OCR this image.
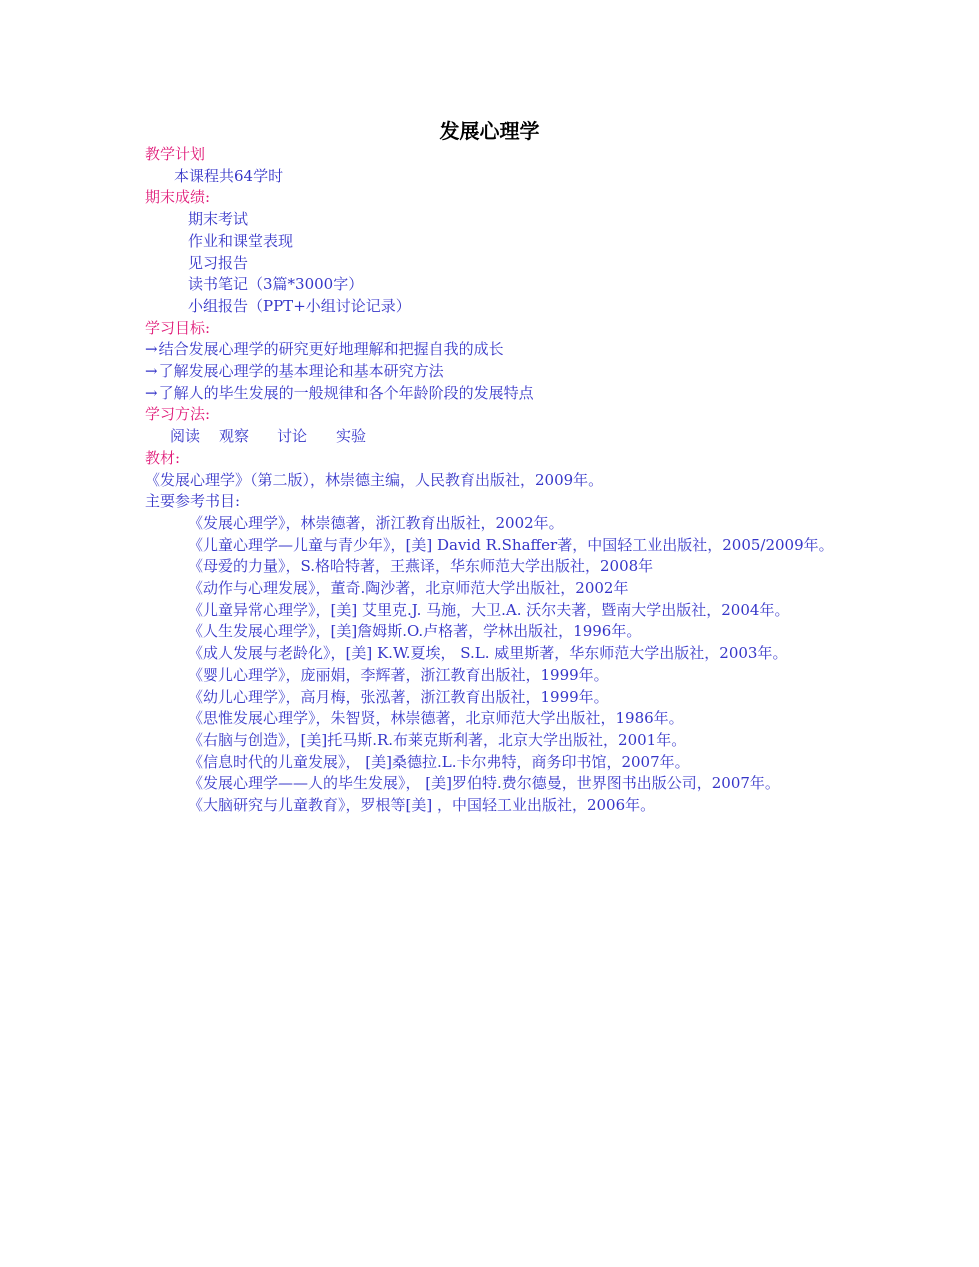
发展心理学
教学计划
本课程共64学时
期末成绩:
期末考试
作业和课堂表现
见习报告
读书笔记（3篇*3000字）
小组报告（PPT+小组讨论记录）
学习目标:
→结合发展心理学的研究更好地理解和把握自我的成长
→了解发展心理学的基本理论和基本研究方法
→了解人的毕生发展的一般规律和各个年龄阶段的发展特点
学习方法:
阅读 观察 讨论 实验
教材:
《发展心理学》（第二版），林崇德主编，人民教育出版社，2009年。
主要参考书目:
《发展心理学》，林崇德著，浙江教育出版社，2002年。
《儿童心理学—儿童与青少年》，[美] David R.Shaffer著，中国轻工业出版社，2005/2009年。
《母爱的力量》，S.格哈特著，王燕译，华东师范大学出版社，2008年
《动作与心理发展》，董奇.陶沙著，北京师范大学出版社，2002年
《儿童异常心理学》，[美] 艾里克.J. 马施，大卫.A. 沃尔夫著，暨南大学出版社，2004年。
《人生发展心理学》，[美]詹姆斯.O.卢格著，学林出版社，1996年。
《成人发展与老龄化》，[美] K.W.夏埃， S.L. 威里斯著，华东师范大学出版社，2003年。
《婴儿心理学》，庞丽娟，李辉著，浙江教育出版社，1999年。
《幼儿心理学》，高月梅，张泓著，浙江教育出版社，1999年。
《思惟发展心理学》，朱智贤，林崇德著，北京师范大学出版社，1986年。
《右脑与创造》，[美]托马斯.R.布莱克斯利著，北京大学出版社，2001年。
《信息时代的儿童发展》， [美]桑德拉.L.卡尔弗特，商务印书馆，2007年。
《发展心理学——人的毕生发展》， [美]罗伯特.费尔德曼，世界图书出版公司，2007年。
《大脑研究与儿童教育》，罗根等[美] ，中国轻工业出版社，2006年。
